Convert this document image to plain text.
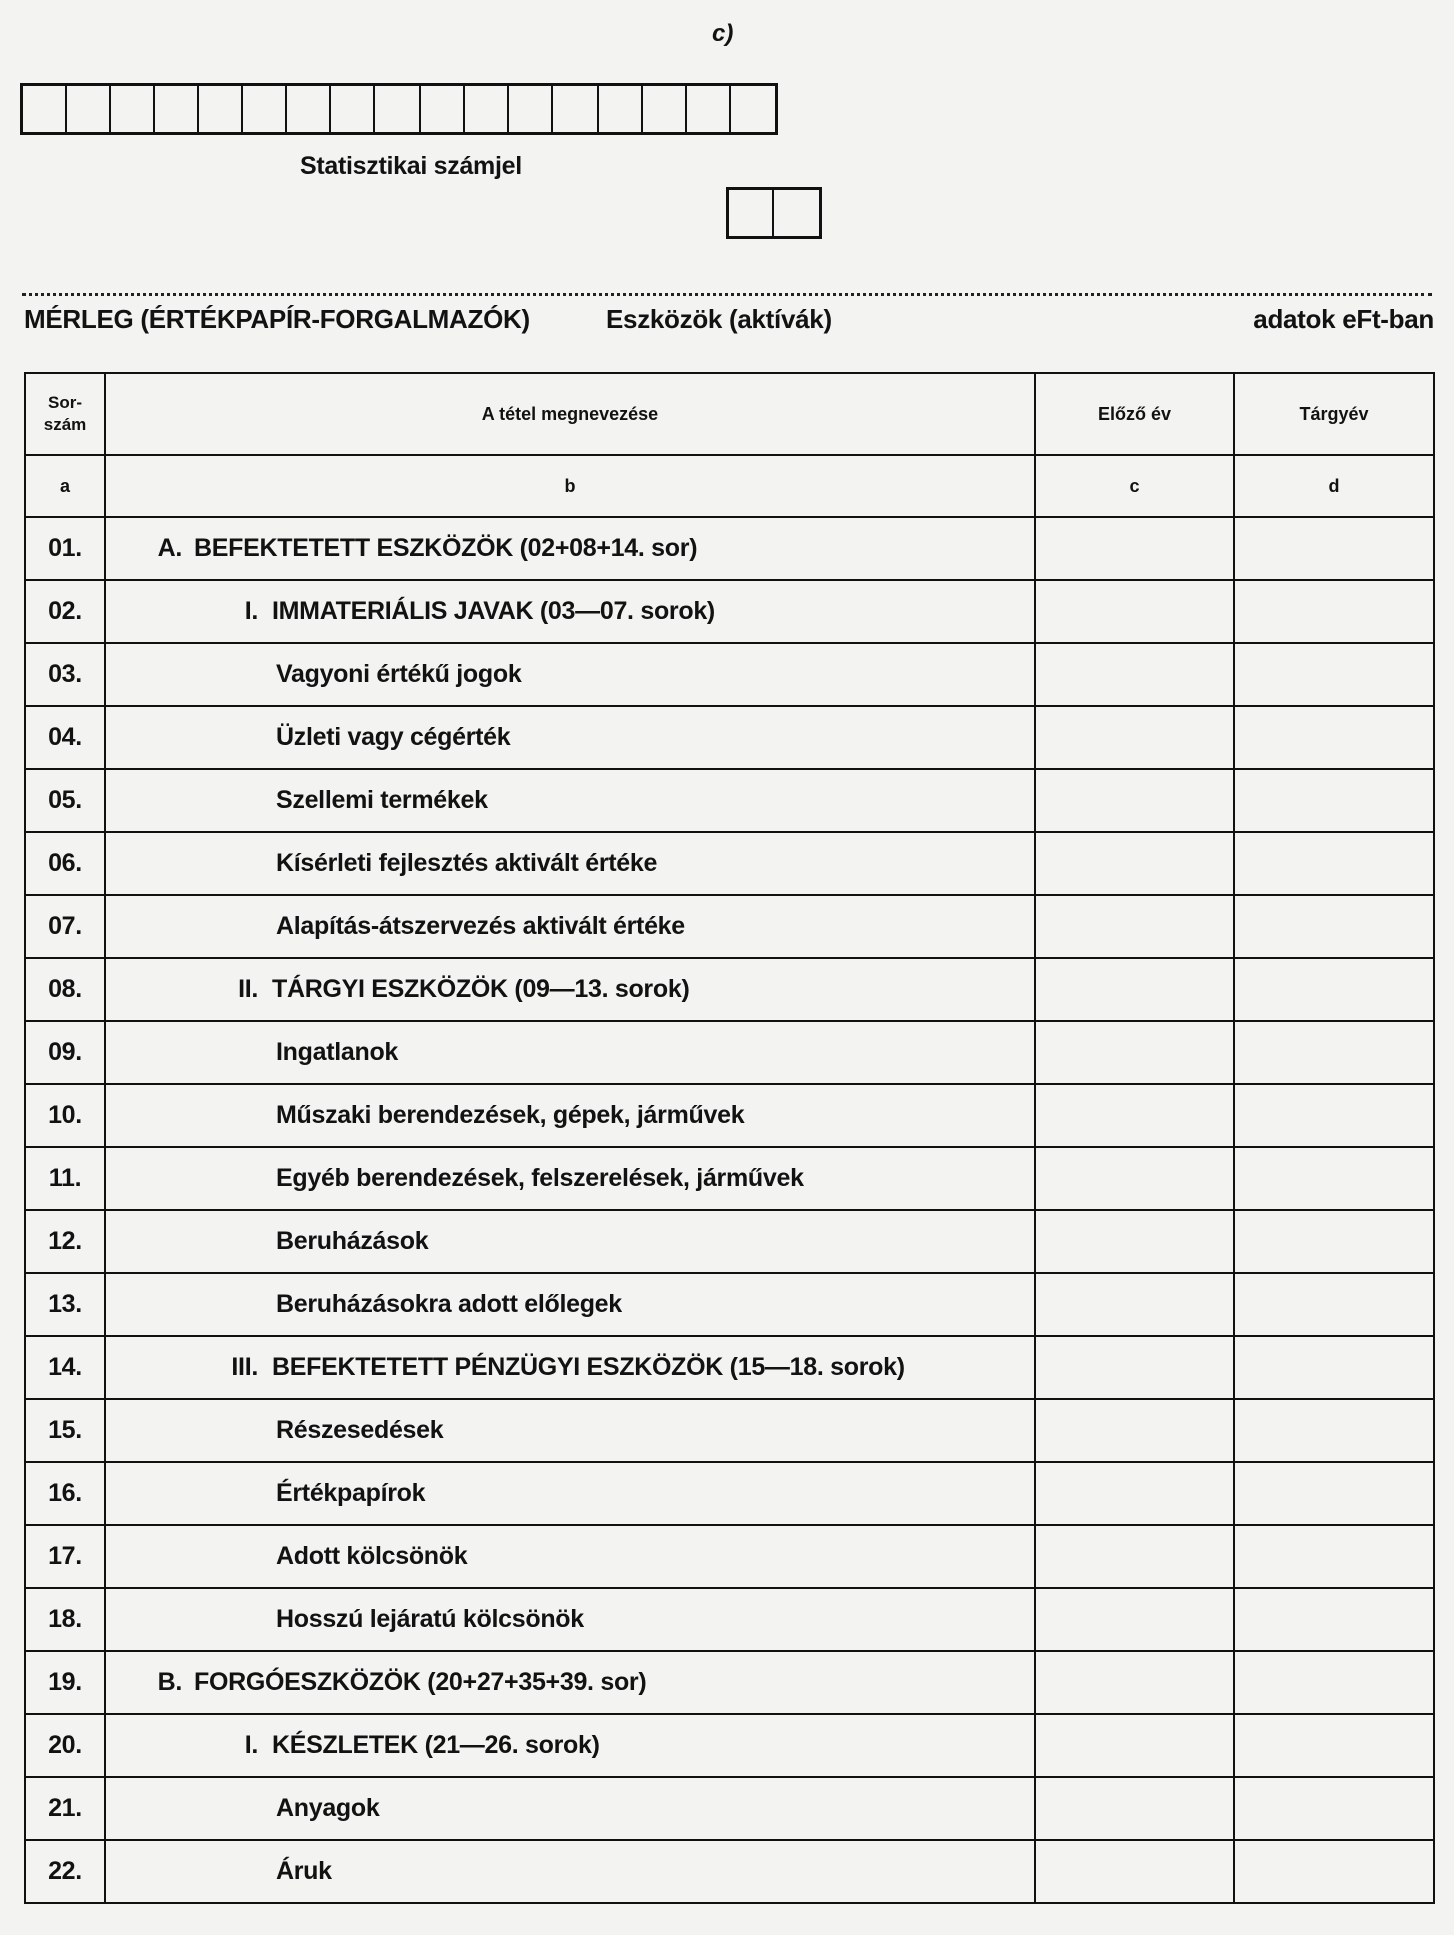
c)
Statisztikai számjel
MÉRLEG (ÉRTÉKPAPÍR-FORGALMAZÓK)	Eszközök (aktívák)	adatok eFt-ban
Sor-
szám	A tétel megnevezése	Előző év	Tárgyév
a	b	c	d
01.	A. BEFEKTETETT ESZKÖZÖK (02+08+14. sor)		
02.	I. IMMATERIÁLIS JAVAK (03—07. sorok)		
03.	Vagyoni értékű jogok		
04.	Üzleti vagy cégérték		
05.	Szellemi termékek		
06.	Kísérleti fejlesztés aktivált értéke		
07.	Alapítás-átszervezés aktivált értéke		
08.	II. TÁRGYI ESZKÖZÖK (09—13. sorok)		
09.	Ingatlanok		
10.	Műszaki berendezések, gépek, járművek		
11.	Egyéb berendezések, felszerelések, járművek		
12.	Beruházások		
13.	Beruházásokra adott előlegek		
14.	III. BEFEKTETETT PÉNZÜGYI ESZKÖZÖK (15—18. sorok)		
15.	Részesedések		
16.	Értékpapírok		
17.	Adott kölcsönök		
18.	Hosszú lejáratú kölcsönök		
19.	B. FORGÓESZKÖZÖK (20+27+35+39. sor)		
20.	I. KÉSZLETEK (21—26. sorok)		
21.	Anyagok		
22.	Áruk		
